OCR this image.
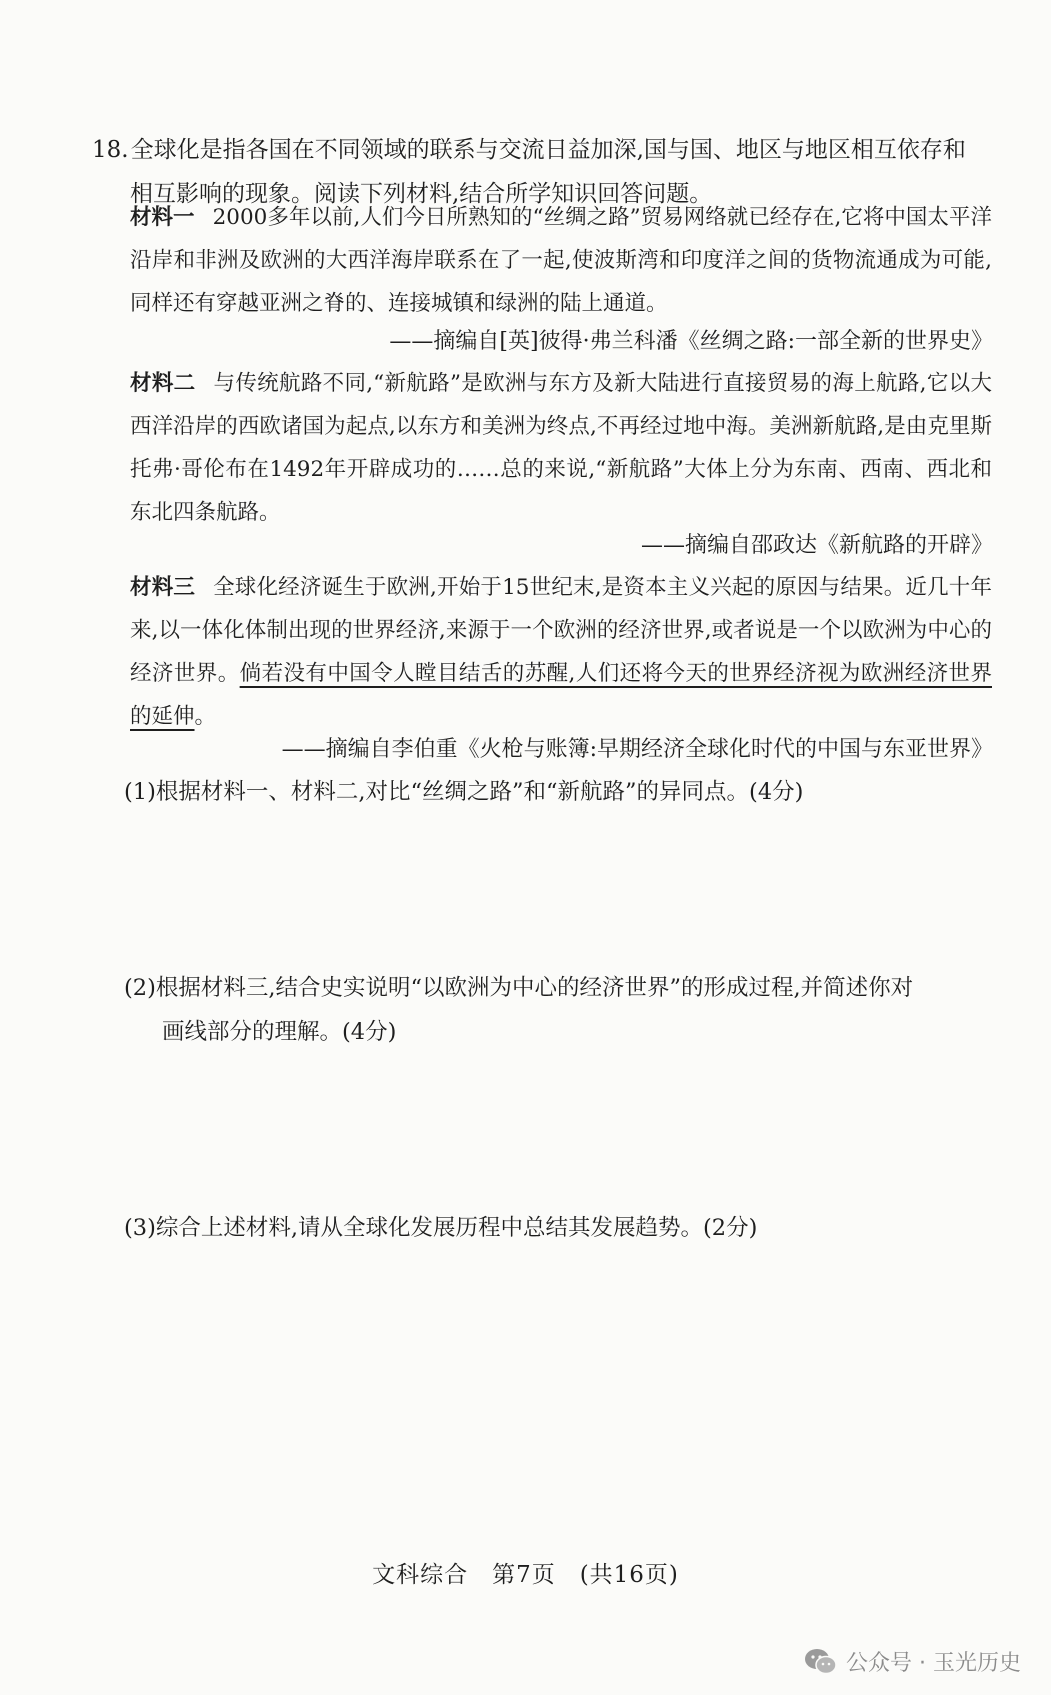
18.全球化是指各国在不同领域的联系与交流日益加深,国与国、地区与地区相互依存和
相互影响的现象。阅读下列材料,结合所学知识回答问题。
材料一 2000多年以前,人们今日所熟知的“丝绸之路”贸易网络就已经存在,它将中国太平洋沿岸和非洲及欧洲的大西洋海岸联系在了一起,使波斯湾和印度洋之间的货物流通成为可能,同样还有穿越亚洲之脊的、连接城镇和绿洲的陆上通道。
——摘编自[英]彼得·弗兰科潘《丝绸之路:一部全新的世界史》
材料二 与传统航路不同,“新航路”是欧洲与东方及新大陆进行直接贸易的海上航路,它以大西洋沿岸的西欧诸国为起点,以东方和美洲为终点,不再经过地中海。美洲新航路,是由克里斯托弗·哥伦布在1492年开辟成功的……总的来说,“新航路”大体上分为东南、西南、西北和东北四条航路。
——摘编自邵政达《新航路的开辟》
材料三 全球化经济诞生于欧洲,开始于15世纪末,是资本主义兴起的原因与结果。近几十年来,以一体化体制出现的世界经济,来源于一个欧洲的经济世界,或者说是一个以欧洲为中心的经济世界。倘若没有中国令人瞠目结舌的苏醒,人们还将今天的世界经济视为欧洲经济世界的延伸。
——摘编自李伯重《火枪与账簿:早期经济全球化时代的中国与东亚世界》
(1)根据材料一、材料二,对比“丝绸之路”和“新航路”的异同点。(4分)
(2)根据材料三,结合史实说明“以欧洲为中心的经济世界”的形成过程,并简述你对
画线部分的理解。(4分)
(3)综合上述材料,请从全球化发展历程中总结其发展趋势。(2分)
文科综合　第7页　(共16页)
公众号 · 玉光历史
